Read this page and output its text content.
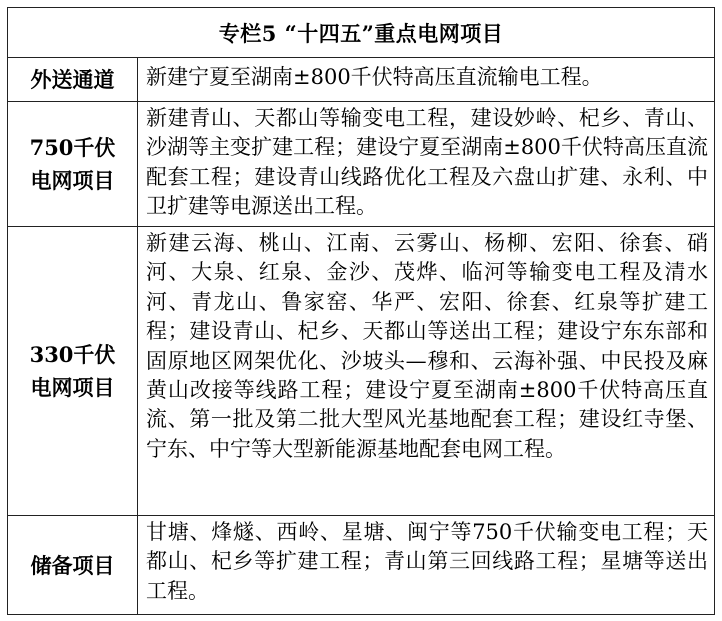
专栏5 “十四五”重点电网项目	

外送通道	新建宁夏至湖南±800千伏特高压直流输电工程。

750千伏
电网项目	新建青山、天都山等输变电工程，建设妙岭、杞乡、青山、沙湖等主变扩建工程；建设宁夏至湖南±800千伏特高压直流配套工程；建设青山线路优化工程及六盘山扩建、永利、中卫扩建等电源送出工程。

330千伏
电网项目	新建云海、桃山、江南、云雾山、杨柳、宏阳、徐套、硝河、大泉、红泉、金沙、茂烨、临河等输变电工程及清水河、青龙山、鲁家窑、华严、宏阳、徐套、红泉等扩建工程；建设青山、杞乡、天都山等送出工程；建设宁东东部和固原地区网架优化、沙坡头—穆和、云海补强、中民投及麻黄山改接等线路工程；建设宁夏至湖南±800千伏特高压直流、第一批及第二批大型风光基地配套工程；建设红寺堡、宁东、中宁等大型新能源基地配套电网工程。

储备项目	甘塘、烽燧、西岭、星塘、闽宁等750千伏输变电工程；天都山、杞乡等扩建工程；青山第三回线路工程；星塘等送出工程。
